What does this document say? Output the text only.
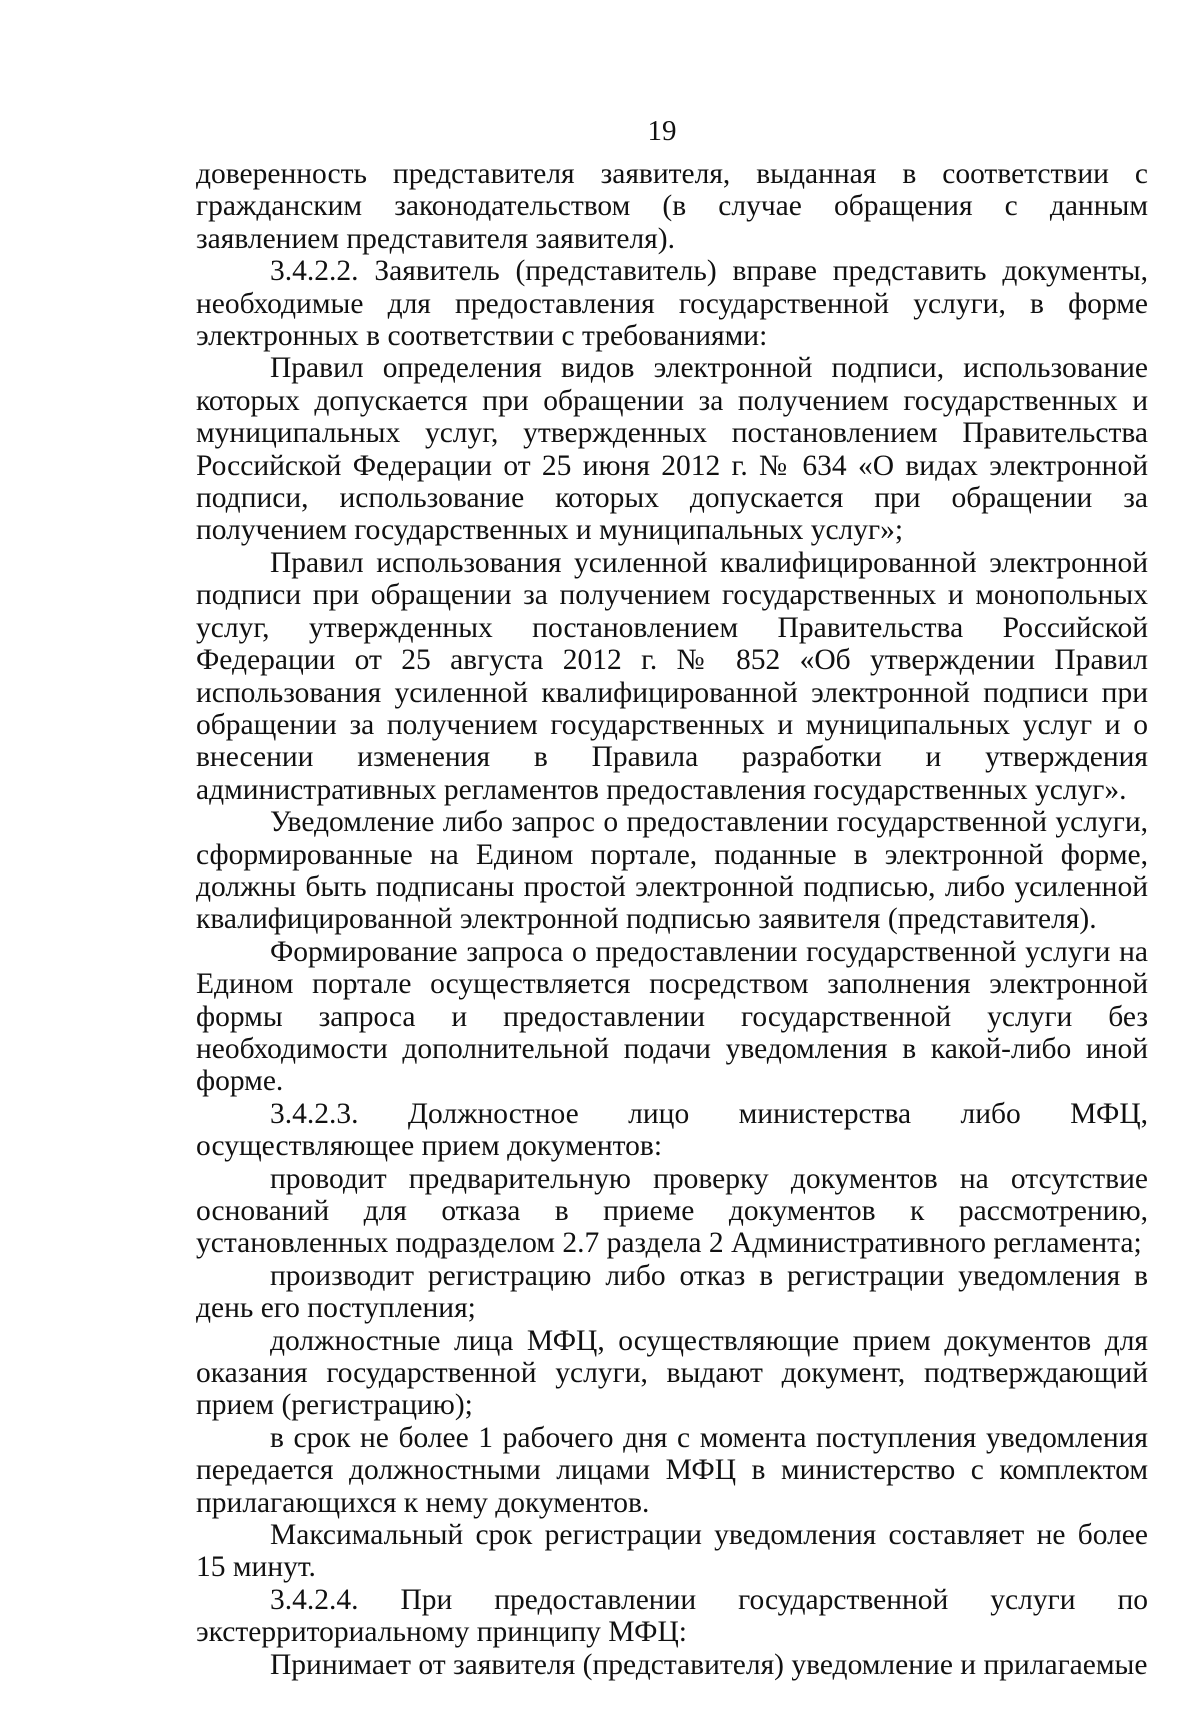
19

доверенность представителя заявителя, выданная в соответствии с гражданским законодательством (в случае обращения с данным заявлением представителя заявителя).

3.4.2.2. Заявитель (представитель) вправе представить документы, необходимые для предоставления государственной услуги, в форме электронных в соответствии с требованиями:

Правил определения видов электронной подписи, использование которых допускается при обращении за получением государственных и муниципальных услуг, утвержденных постановлением Правительства Российской Федерации от 25 июня 2012 г. № 634 «О видах электронной подписи, использование которых допускается при обращении за получением государственных и муниципальных услуг»;

Правил использования усиленной квалифицированной электронной подписи при обращении за получением государственных и монопольных услуг, утвержденных постановлением Правительства Российской Федерации от 25 августа 2012 г. № 852 «Об утверждении Правил использования усиленной квалифицированной электронной подписи при обращении за получением государственных и муниципальных услуг и о внесении изменения в Правила разработки и утверждения административных регламентов предоставления государственных услуг».

Уведомление либо запрос о предоставлении государственной услуги, сформированные на Едином портале, поданные в электронной форме, должны быть подписаны простой электронной подписью, либо усиленной квалифицированной электронной подписью заявителя (представителя).

Формирование запроса о предоставлении государственной услуги на Едином портале осуществляется посредством заполнения электронной формы запроса и предоставлении государственной услуги без необходимости дополнительной подачи уведомления в какой-либо иной форме.

3.4.2.3. Должностное лицо министерства либо МФЦ, осуществляющее прием документов:

проводит предварительную проверку документов на отсутствие оснований для отказа в приеме документов к рассмотрению, установленных подразделом 2.7 раздела 2 Административного регламента;

производит регистрацию либо отказ в регистрации уведомления в день его поступления;

должностные лица МФЦ, осуществляющие прием документов для оказания государственной услуги, выдают документ, подтверждающий прием (регистрацию);

в срок не более 1 рабочего дня с момента поступления уведомления передается должностными лицами МФЦ в министерство с комплектом прилагающихся к нему документов.

Максимальный срок регистрации уведомления составляет не более 15 минут.

3.4.2.4. При предоставлении государственной услуги по экстерриториальному принципу МФЦ:

Принимает от заявителя (представителя) уведомление и прилагаемые
